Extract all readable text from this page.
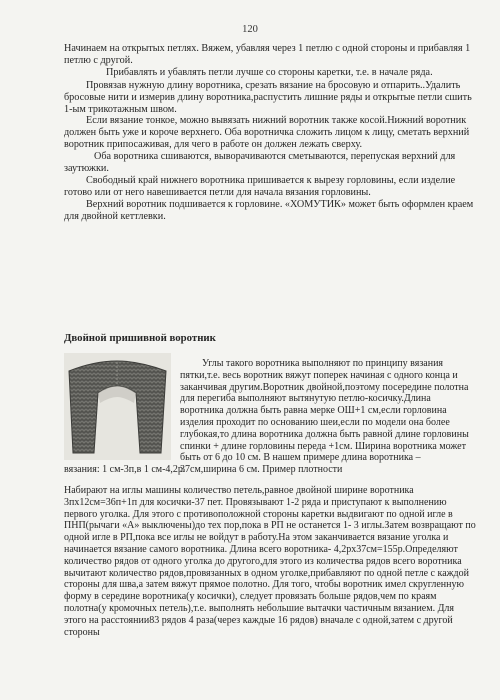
120

Начинаем на открытых петлях. Вяжем, убавляя через 1 петлю с одной стороны и прибавляя 1 петлю с другой.

Прибавлять и убавлять петли лучше со стороны каретки, т.е. в начале ряда.

Провязав нужную длину воротника, срезать вязание на бросовую и отпарить..Удалить бросовые нити и измерив длину воротника,распустить лишние ряды и открытые петли сшить 1-ым трикотажным швом.

Если вязание тонкое, можно вывязать нижний воротник также косой.Нижний воротник должен быть уже и короче верхнего. Оба воротничка сложить лицом к лицу, сметать верхний воротник припосаживая, для чего в работе он должен лежать сверху.

Оба воротника сшиваются, выворачиваются сметываются, перепуская верхний для заутюжки.

Свободный край нижнего воротника пришивается к вырезу горловины, если изделие готово или от него навешивается петли для начала вязания горловины.

Верхний воротник подшивается к горловине. «ХОМУТИК» может быть оформлен краем для двойной кеттлевки.

Двойной пришивной воротник

Углы такого воротника выполняют по принципу вязания пятки,т.е. весь воротник вяжут поперек начиная с одного конца и заканчивая другим.Воротник двойной,поэтому посередине полотна для перегиба выполняют вытянутую петлю-косичку.Длина воротника должна быть равна мерке ОШ+1 см,если горловина изделия проходит по основанию шеи,если по модели она более глубокая,то длина воротника должна быть равной длине горловины спинки + длине горловины переда +1см. Ширина воротника может быть от 6 до 10 см. В нашем примере длина воротника –37см,ширина 6 см. Пример плотности

вязания: 1 см-3п,в 1 см-4,2р.

Набирают на иглы машины количество петель,равное двойной ширине воротника 3пх12см=36п+1п для косички-37 пет. Провязывают 1-2 ряда и приступают к выполнению первого уголка. Для этого с противоположной стороны каретки выдвигают по одной игле в ПНП(рычаги «А» выключены)до тех пор,пока в РП не останется 1- 3 иглы.Затем возвращают по одной игле в РП,пока все иглы не войдут в работу.На этом заканчивается вязание уголка и начинается вязание самого воротника. Длина всего воротника- 4,2рх37см=155р.Определяют количество рядов от одного уголка до другого,для этого из количества рядов всего воротника вычитают количество рядов,провязанных в одном уголке,прибавляют по одной петле с каждой стороны для шва,а затем вяжут прямое полотно. Для того, чтобы воротник имел скругленную форму в середине воротника(у косички), следует провязать больше рядов,чем по краям полотна(у кромочных петель),т.е. выполнять небольшие вытачки частичным вязанием. Для этого на расстоянии83 рядов 4 раза(через каждые 16 рядов) вначале с одной,затем с другой стороны
